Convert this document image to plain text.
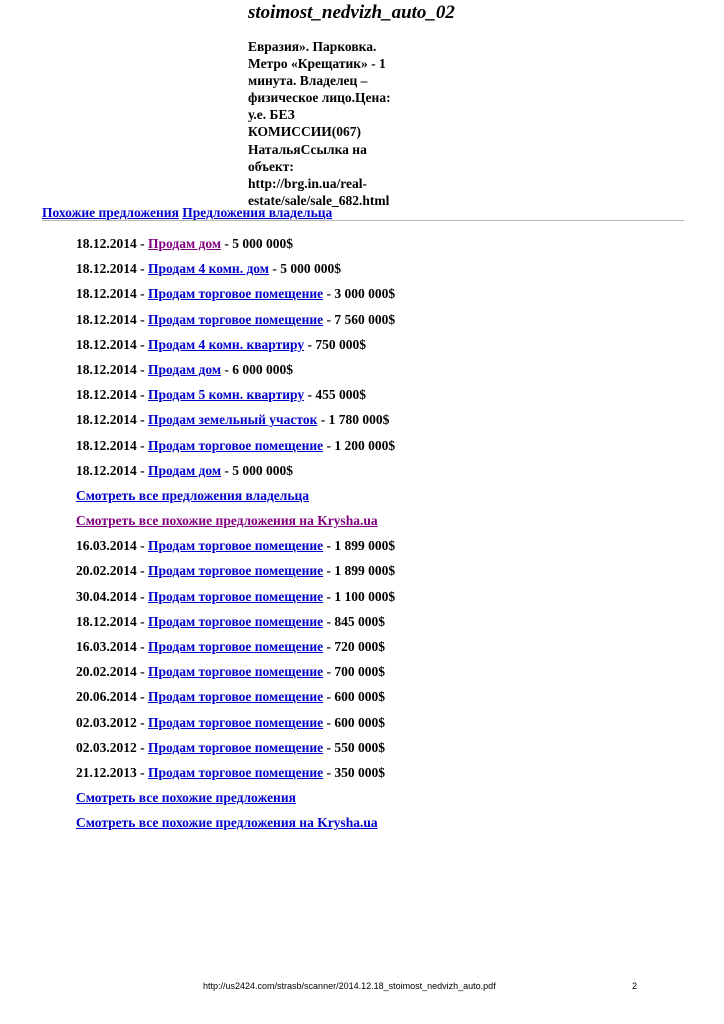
stoimost_nedvizh_auto_02

Евразия». Парковка.
Метро «Крещатик» - 1
минута. Владелец –
физическое лицо.Цена:
у.е. БЕЗ
КОМИССИИ(067)
НатальяСсылка на
объект:
http://brg.in.ua/real-
estate/sale/sale_682.html

Похожие предложения Предложения владельца
18.12.2014 - Продам дом - 5 000 000$
18.12.2014 - Продам 4 комн. дом - 5 000 000$
18.12.2014 - Продам торговое помещение - 3 000 000$
18.12.2014 - Продам торговое помещение - 7 560 000$
18.12.2014 - Продам 4 комн. квартиру - 750 000$
18.12.2014 - Продам дом - 6 000 000$
18.12.2014 - Продам 5 комн. квартиру - 455 000$
18.12.2014 - Продам земельный участок - 1 780 000$
18.12.2014 - Продам торговое помещение - 1 200 000$
18.12.2014 - Продам дом - 5 000 000$
Смотреть все предложения владельца
Смотреть все похожие предложения на Krysha.ua
16.03.2014 - Продам торговое помещение - 1 899 000$
20.02.2014 - Продам торговое помещение - 1 899 000$
30.04.2014 - Продам торговое помещение - 1 100 000$
18.12.2014 - Продам торговое помещение - 845 000$
16.03.2014 - Продам торговое помещение - 720 000$
20.02.2014 - Продам торговое помещение - 700 000$
20.06.2014 - Продам торговое помещение - 600 000$
02.03.2012 - Продам торговое помещение - 600 000$
02.03.2012 - Продам торговое помещение - 550 000$
21.12.2013 - Продам торговое помещение - 350 000$
Смотреть все похожие предложения
Смотреть все похожие предложения на Krysha.ua
http://us2424.com/strasb/scanner/2014.12.18_stoimost_nedvizh_auto.pdf	2
